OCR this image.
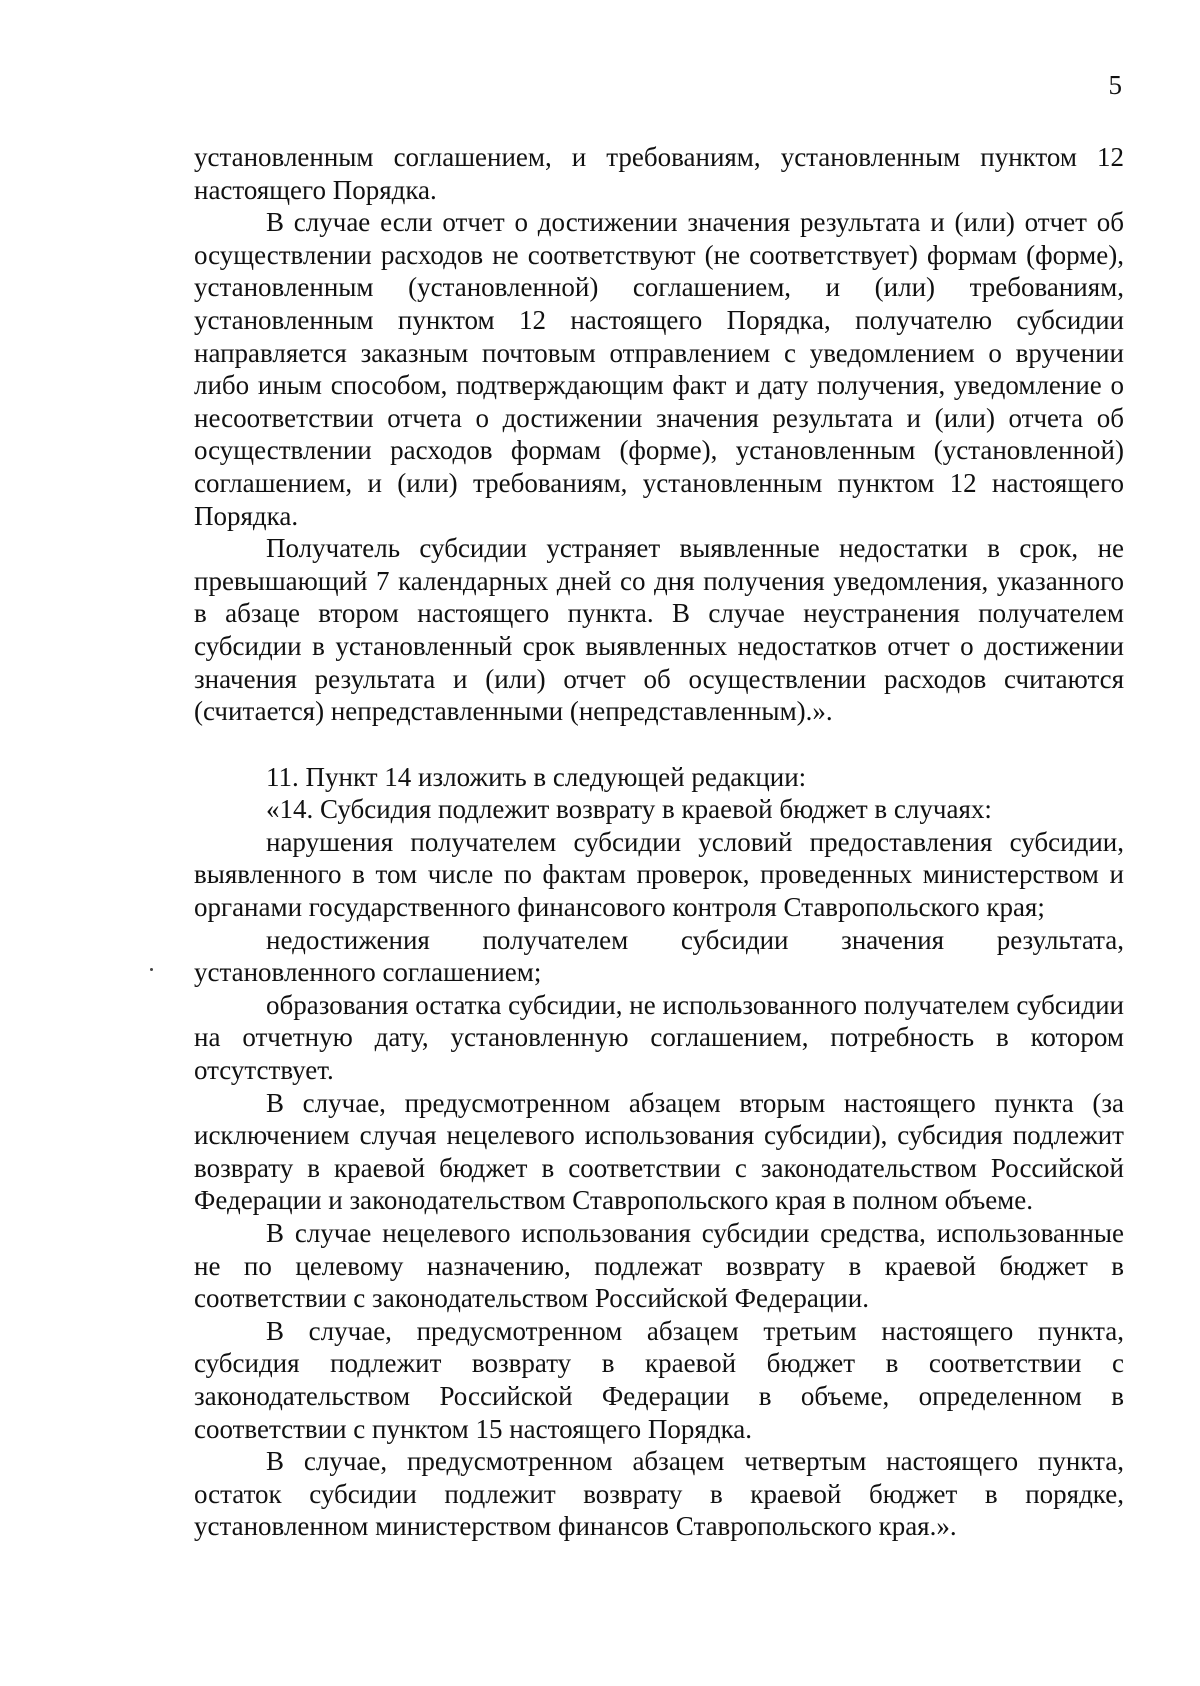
5

установленным соглашением, и требованиям, установленным пунктом 12 настоящего Порядка.

В случае если отчет о достижении значения результата и (или) отчет об осуществлении расходов не соответствуют (не соответствует) формам (форме), установленным (установленной) соглашением, и (или) требованиям, установленным пунктом 12 настоящего Порядка, получателю субсидии направляется заказным почтовым отправлением с уведомлением о вручении либо иным способом, подтверждающим факт и дату получения, уведомление о несоответствии отчета о достижении значения результата и (или) отчета об осуществлении расходов формам (форме), установленным (установленной) соглашением, и (или) требованиям, установленным пунктом 12 настоящего Порядка.

Получатель субсидии устраняет выявленные недостатки в срок, не превышающий 7 календарных дней со дня получения уведомления, указанного в абзаце втором настоящего пункта. В случае неустранения получателем субсидии в установленный срок выявленных недостатков отчет о достижении значения результата и (или) отчет об осуществлении расходов считаются (считается) непредставленными (непредставленным).».

11. Пункт 14 изложить в следующей редакции:

«14. Субсидия подлежит возврату в краевой бюджет в случаях:

нарушения получателем субсидии условий предоставления субсидии, выявленного в том числе по фактам проверок, проведенных министерством и органами государственного финансового контроля Ставропольского края;

недостижения получателем субсидии значения результата, установленного соглашением;

образования остатка субсидии, не использованного получателем субсидии на отчетную дату, установленную соглашением, потребность в котором отсутствует.

В случае, предусмотренном абзацем вторым настоящего пункта (за исключением случая нецелевого использования субсидии), субсидия подлежит возврату в краевой бюджет в соответствии с законодательством Российской Федерации и законодательством Ставропольского края в полном объеме.

В случае нецелевого использования субсидии средства, использованные не по целевому назначению, подлежат возврату в краевой бюджет в соответствии с законодательством Российской Федерации.

В случае, предусмотренном абзацем третьим настоящего пункта, субсидия подлежит возврату в краевой бюджет в соответствии с законодательством Российской Федерации в объеме, определенном в соответствии с пунктом 15 настоящего Порядка.

В случае, предусмотренном абзацем четвертым настоящего пункта, остаток субсидии подлежит возврату в краевой бюджет в порядке, установленном министерством финансов Ставропольского края.».
